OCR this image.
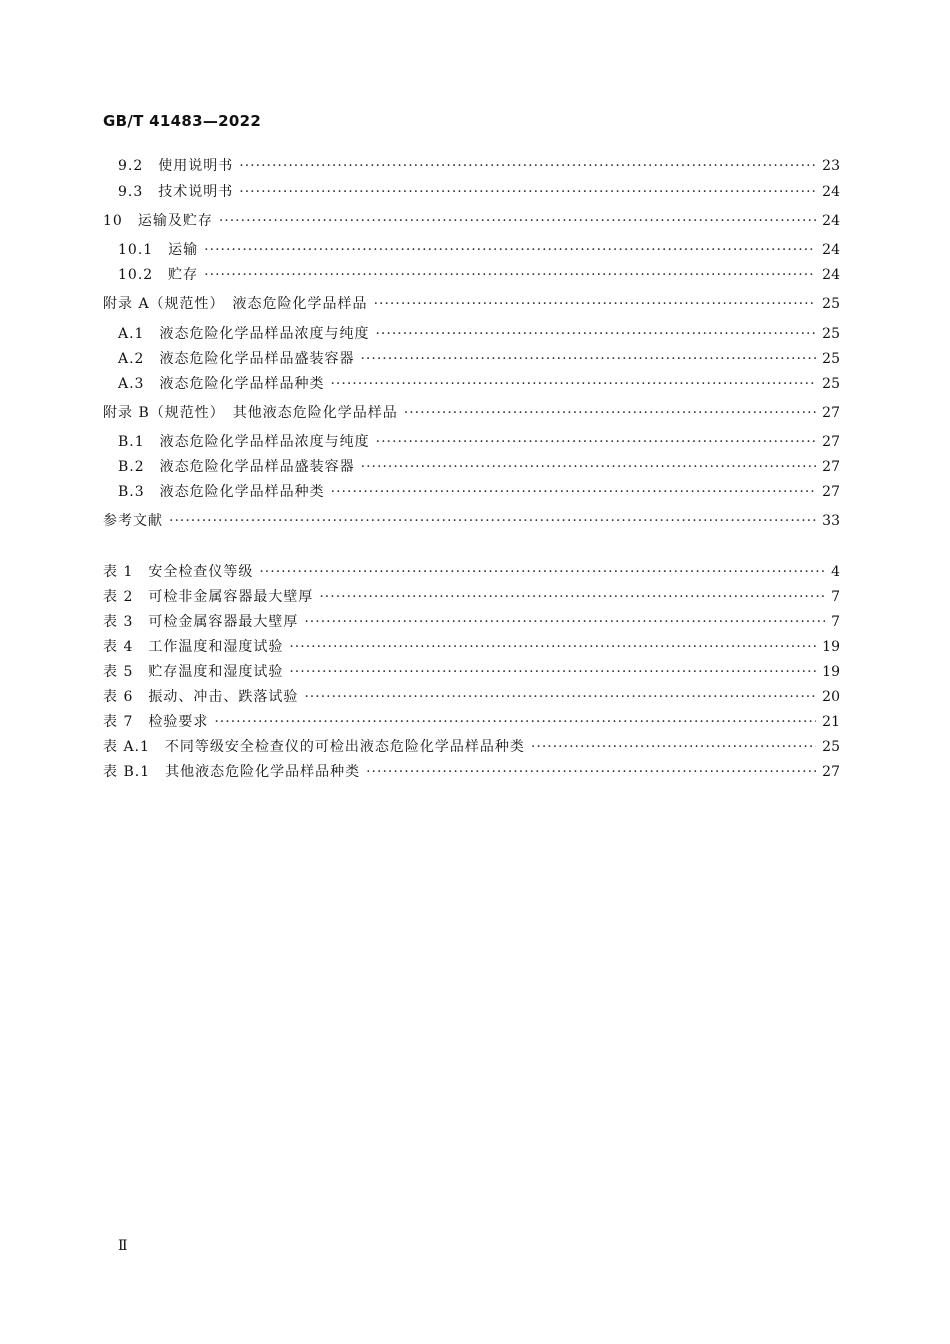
GB/T 41483—2022
9.2　使用说明书 ·····	23
9.3　技术说明书 ·····	24
10　运输及贮存 ·····	24
10.1　运输 ·····	24
10.2　贮存 ·····	24
附录 A（规范性）　液态危险化学品样品 ·····	25
A.1　液态危险化学品样品浓度与纯度 ·····	25
A.2　液态危险化学品样品盛装容器 ·····	25
A.3　液态危险化学品样品种类 ·····	25
附录 B（规范性）　其他液态危险化学品样品 ·····	27
B.1　液态危险化学品样品浓度与纯度 ·····	27
B.2　液态危险化学品样品盛装容器 ·····	27
B.3　液态危险化学品样品种类 ·····	27
参考文献 ·····	33
表 1　安全检查仪等级 ·····	4
表 2　可检非金属容器最大壁厚 ·····	7
表 3　可检金属容器最大壁厚 ·····	7
表 4　工作温度和湿度试验 ·····	19
表 5　贮存温度和湿度试验 ·····	19
表 6　振动、冲击、跌落试验 ·····	20
表 7　检验要求 ·····	21
表 A.1　不同等级安全检查仪的可检出液态危险化学品样品种类 ·····	25
表 B.1　其他液态危险化学品样品种类 ·····	27
Ⅱ
